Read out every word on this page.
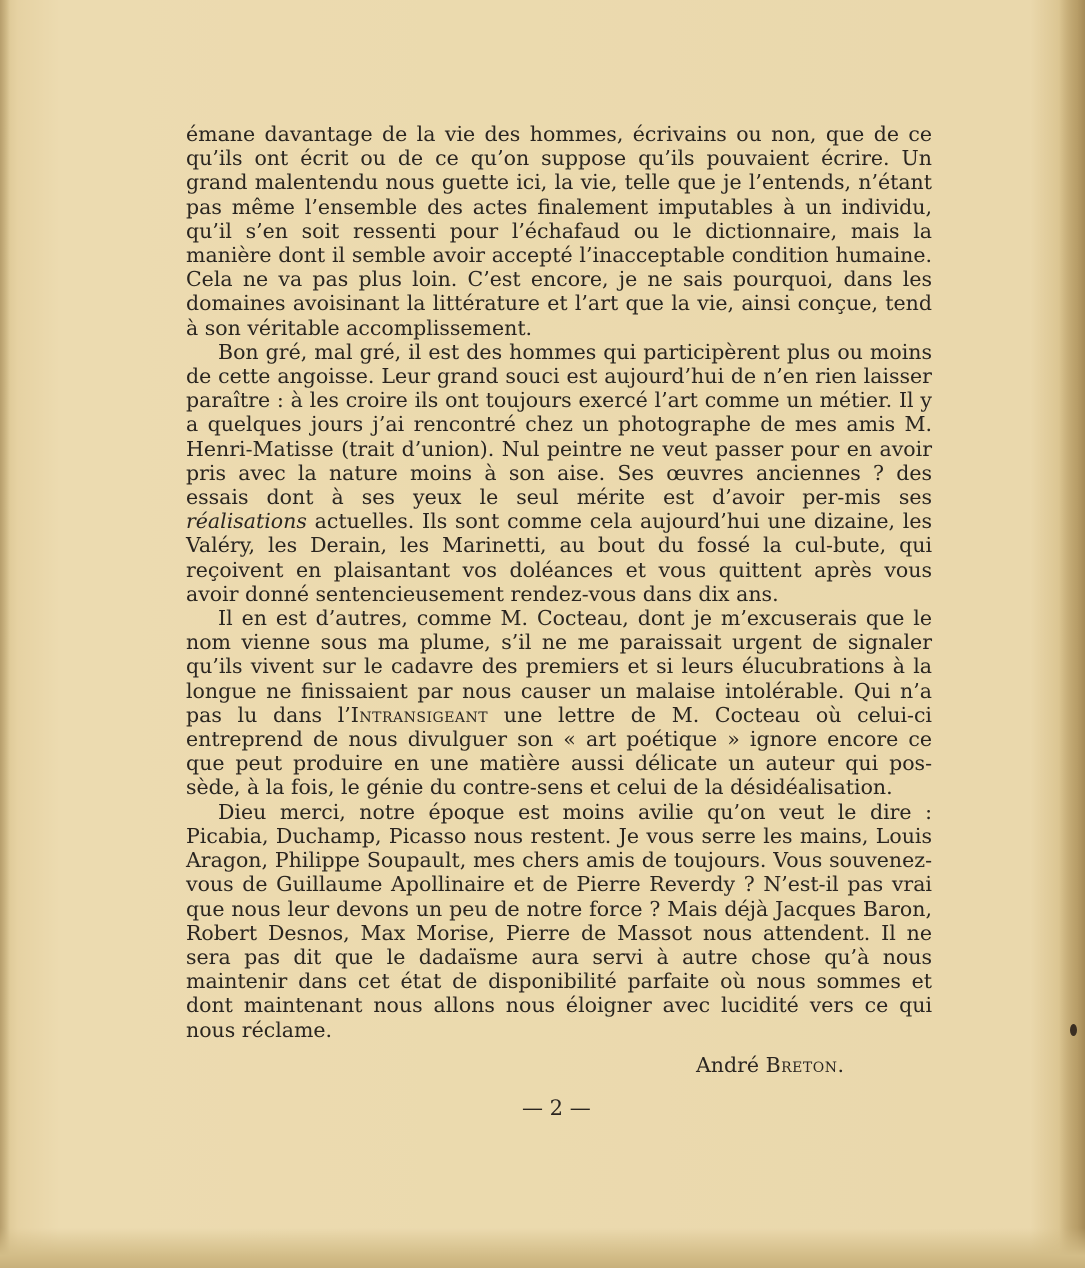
émane davantage de la vie des hommes, écrivains ou non, que de ce qu’ils ont écrit ou de ce qu’on suppose qu’ils pouvaient écrire. Un grand malentendu nous guette ici, la vie, telle que je l’entends, n’étant pas même l’ensemble des actes finalement imputables à un individu, qu’il s’en soit ressenti pour l’échafaud ou le dictionnaire, mais la manière dont il semble avoir accepté l’inacceptable condition humaine. Cela ne va pas plus loin. C’est encore, je ne sais pourquoi, dans les domaines avoisinant la littérature et l’art que la vie, ainsi conçue, tend à son véritable accomplissement.

Bon gré, mal gré, il est des hommes qui participèrent plus ou moins de cette angoisse. Leur grand souci est aujourd’hui de n’en rien laisser paraître : à les croire ils ont toujours exercé l’art comme un métier. Il y a quelques jours j’ai rencontré chez un photographe de mes amis M. Henri-Matisse (trait d’union). Nul peintre ne veut passer pour en avoir pris avec la nature moins à son aise. Ses œuvres anciennes ? des essais dont à ses yeux le seul mérite est d’avoir per-mis ses réalisations actuelles. Ils sont comme cela aujourd’hui une dizaine, les Valéry, les Derain, les Marinetti, au bout du fossé la cul-bute, qui reçoivent en plaisantant vos doléances et vous quittent après vous avoir donné sentencieusement rendez-vous dans dix ans.

Il en est d’autres, comme M. Cocteau, dont je m’excuserais que le nom vienne sous ma plume, s’il ne me paraissait urgent de signaler qu’ils vivent sur le cadavre des premiers et si leurs élucubrations à la longue ne finissaient par nous causer un malaise intolérable. Qui n’a pas lu dans l’Intransigeant une lettre de M. Cocteau où celui-ci entreprend de nous divulguer son « art poétique » ignore encore ce que peut produire en une matière aussi délicate un auteur qui pos-sède, à la fois, le génie du contre-sens et celui de la désidéalisation.

Dieu merci, notre époque est moins avilie qu’on veut le dire : Picabia, Duchamp, Picasso nous restent. Je vous serre les mains, Louis Aragon, Philippe Soupault, mes chers amis de toujours. Vous souvenez-vous de Guillaume Apollinaire et de Pierre Reverdy ? N’est-il pas vrai que nous leur devons un peu de notre force ? Mais déjà Jacques Baron, Robert Desnos, Max Morise, Pierre de Massot nous attendent. Il ne sera pas dit que le dadaïsme aura servi à autre chose qu’à nous maintenir dans cet état de disponibilité parfaite où nous sommes et dont maintenant nous allons nous éloigner avec lucidité vers ce qui nous réclame.

André Breton.
— 2 —
